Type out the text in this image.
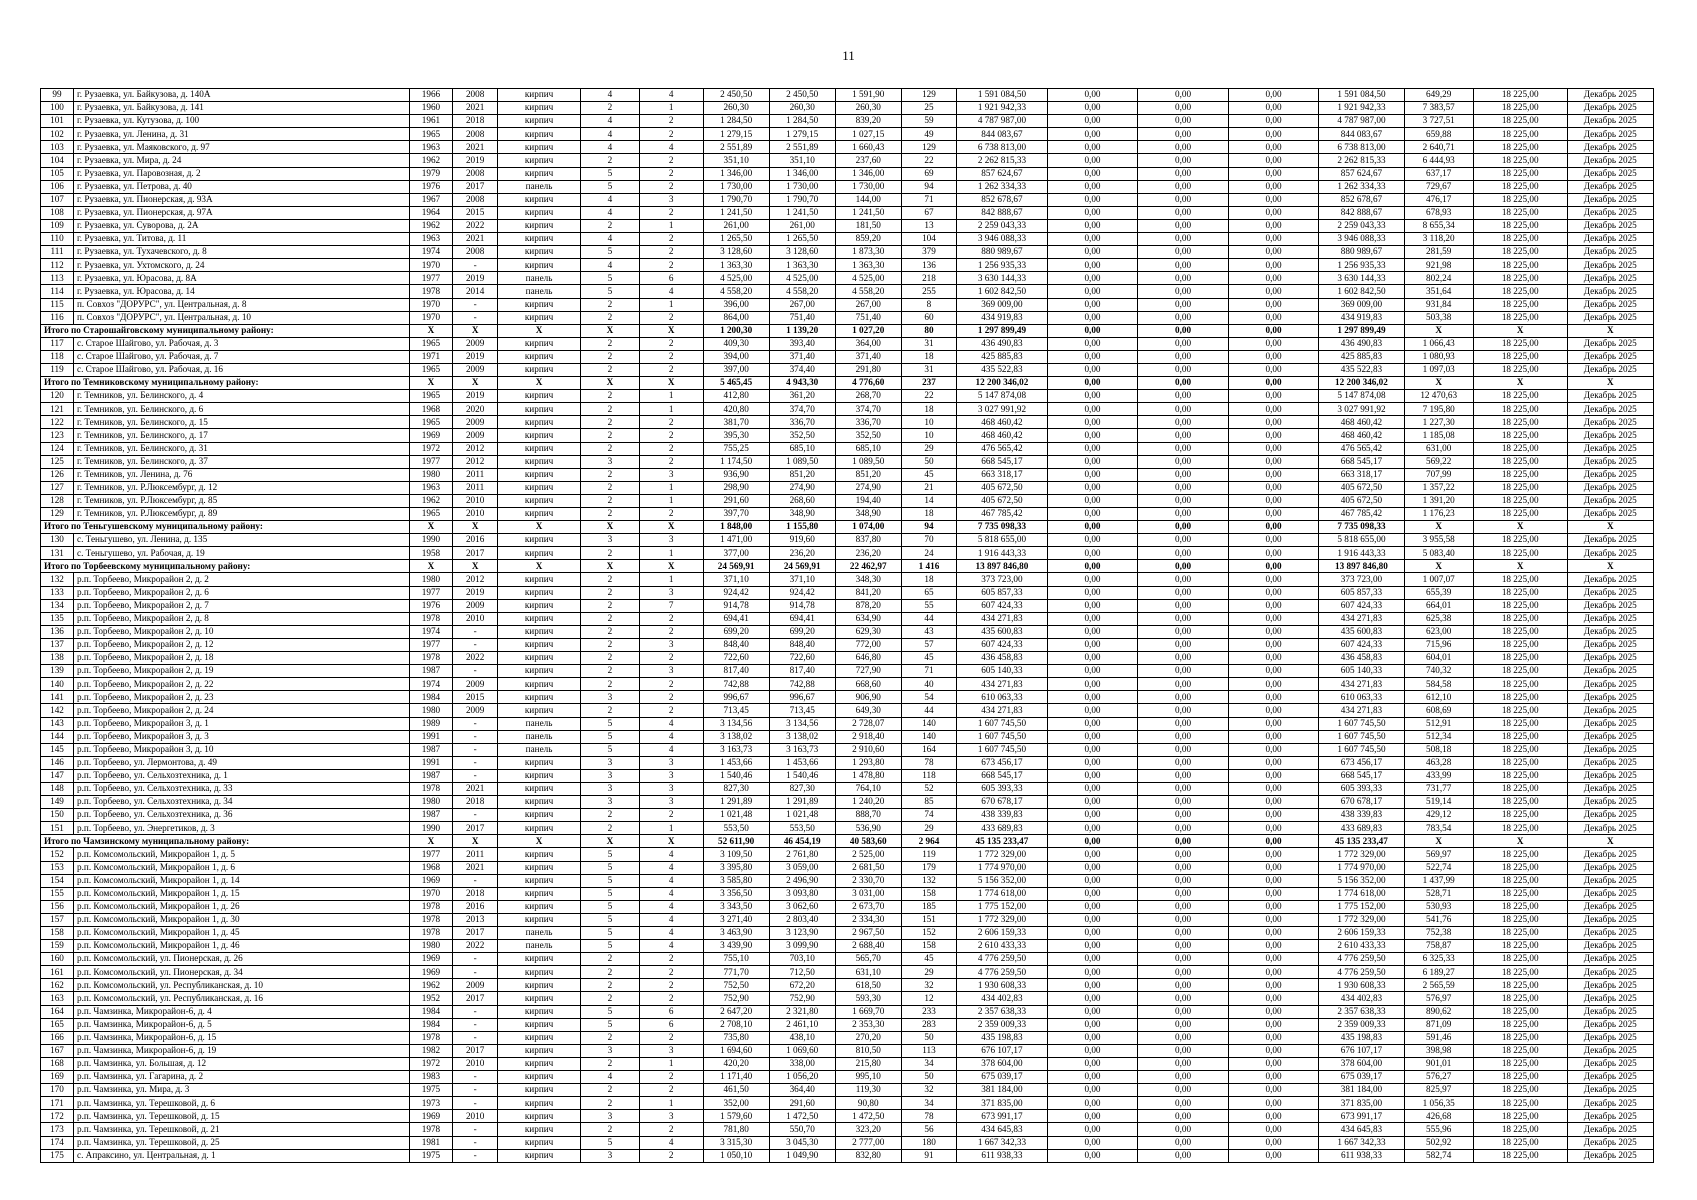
11
99	г. Рузаевка, ул. Байкузова, д. 140А	1966	2008	кирпич	4	4	2 450,50	2 450,50	1 591,90	129	1 591 084,50	0,00	0,00	0,00	1 591 084,50	649,29	18 225,00	Декабрь 2025
100	г. Рузаевка, ул. Байкузова, д. 141	1960	2021	кирпич	2	1	260,30	260,30	260,30	25	1 921 942,33	0,00	0,00	0,00	1 921 942,33	7 383,57	18 225,00	Декабрь 2025
101	г. Рузаевка, ул. Кутузова, д. 100	1961	2018	кирпич	4	2	1 284,50	1 284,50	839,20	59	4 787 987,00	0,00	0,00	0,00	4 787 987,00	3 727,51	18 225,00	Декабрь 2025
102	г. Рузаевка, ул. Ленина, д. 31	1965	2008	кирпич	4	2	1 279,15	1 279,15	1 027,15	49	844 083,67	0,00	0,00	0,00	844 083,67	659,88	18 225,00	Декабрь 2025
103	г. Рузаевка, ул. Маяковского, д. 97	1963	2021	кирпич	4	4	2 551,89	2 551,89	1 660,43	129	6 738 813,00	0,00	0,00	0,00	6 738 813,00	2 640,71	18 225,00	Декабрь 2025
104	г. Рузаевка, ул. Мира, д. 24	1962	2019	кирпич	2	2	351,10	351,10	237,60	22	2 262 815,33	0,00	0,00	0,00	2 262 815,33	6 444,93	18 225,00	Декабрь 2025
105	г. Рузаевка, ул. Паровозная, д. 2	1979	2008	кирпич	5	2	1 346,00	1 346,00	1 346,00	69	857 624,67	0,00	0,00	0,00	857 624,67	637,17	18 225,00	Декабрь 2025
106	г. Рузаевка, ул. Петрова, д. 40	1976	2017	панель	5	2	1 730,00	1 730,00	1 730,00	94	1 262 334,33	0,00	0,00	0,00	1 262 334,33	729,67	18 225,00	Декабрь 2025
107	г. Рузаевка, ул. Пионерская, д. 93А	1967	2008	кирпич	4	3	1 790,70	1 790,70	144,00	71	852 678,67	0,00	0,00	0,00	852 678,67	476,17	18 225,00	Декабрь 2025
108	г. Рузаевка, ул. Пионерская, д. 97А	1964	2015	кирпич	4	2	1 241,50	1 241,50	1 241,50	67	842 888,67	0,00	0,00	0,00	842 888,67	678,93	18 225,00	Декабрь 2025
109	г. Рузаевка, ул. Суворова, д. 2А	1962	2022	кирпич	2	1	261,00	261,00	181,50	13	2 259 043,33	0,00	0,00	0,00	2 259 043,33	8 655,34	18 225,00	Декабрь 2025
110	г. Рузаевка, ул. Титова, д. 11	1963	2021	кирпич	4	2	1 265,50	1 265,50	859,20	104	3 946 088,33	0,00	0,00	0,00	3 946 088,33	3 118,20	18 225,00	Декабрь 2025
111	г. Рузаевка, ул. Тухачевского, д. 8	1974	2008	кирпич	5	2	3 128,60	3 128,60	1 873,30	379	880 989,67	0,00	0,00	0,00	880 989,67	281,59	18 225,00	Декабрь 2025
112	г. Рузаевка, ул. Ухтомского, д. 24	1970	-	кирпич	4	2	1 363,30	1 363,30	1 363,30	136	1 256 935,33	0,00	0,00	0,00	1 256 935,33	921,98	18 225,00	Декабрь 2025
113	г. Рузаевка, ул. Юрасова, д. 8А	1977	2019	панель	5	6	4 525,00	4 525,00	4 525,00	218	3 630 144,33	0,00	0,00	0,00	3 630 144,33	802,24	18 225,00	Декабрь 2025
114	г. Рузаевка, ул. Юрасова, д. 14	1978	2014	панель	5	4	4 558,20	4 558,20	4 558,20	255	1 602 842,50	0,00	0,00	0,00	1 602 842,50	351,64	18 225,00	Декабрь 2025
115	п. Совхоз "ДОРУРС", ул. Центральная, д. 8	1970	-	кирпич	2	1	396,00	267,00	267,00	8	369 009,00	0,00	0,00	0,00	369 009,00	931,84	18 225,00	Декабрь 2025
116	п. Совхоз "ДОРУРС", ул. Центральная, д. 10	1970	-	кирпич	2	2	864,00	751,40	751,40	60	434 919,83	0,00	0,00	0,00	434 919,83	503,38	18 225,00	Декабрь 2025
Итого по Старошайговскому муниципальному району:		X	X	X	X	X	1 200,30	1 139,20	1 027,20	80	1 297 899,49	0,00	0,00	0,00	1 297 899,49	X	X	X
117	с. Старое Шайгово, ул. Рабочая, д. 3	1965	2009	кирпич	2	2	409,30	393,40	364,00	31	436 490,83	0,00	0,00	0,00	436 490,83	1 066,43	18 225,00	Декабрь 2025
118	с. Старое Шайгово, ул. Рабочая, д. 7	1971	2019	кирпич	2	2	394,00	371,40	371,40	18	425 885,83	0,00	0,00	0,00	425 885,83	1 080,93	18 225,00	Декабрь 2025
119	с. Старое Шайгово, ул. Рабочая, д. 16	1965	2009	кирпич	2	2	397,00	374,40	291,80	31	435 522,83	0,00	0,00	0,00	435 522,83	1 097,03	18 225,00	Декабрь 2025
Итого по Темниковскому муниципальному району:		X	X	X	X	X	5 465,45	4 943,30	4 776,60	237	12 200 346,02	0,00	0,00	0,00	12 200 346,02	X	X	X
120	г. Темников, ул. Белинского, д. 4	1965	2019	кирпич	2	1	412,80	361,20	268,70	22	5 147 874,08	0,00	0,00	0,00	5 147 874,08	12 470,63	18 225,00	Декабрь 2025
121	г. Темников, ул. Белинского, д. 6	1968	2020	кирпич	2	1	420,80	374,70	374,70	18	3 027 991,92	0,00	0,00	0,00	3 027 991,92	7 195,80	18 225,00	Декабрь 2025
122	г. Темников, ул. Белинского, д. 15	1965	2009	кирпич	2	2	381,70	336,70	336,70	10	468 460,42	0,00	0,00	0,00	468 460,42	1 227,30	18 225,00	Декабрь 2025
123	г. Темников, ул. Белинского, д. 17	1969	2009	кирпич	2	2	395,30	352,50	352,50	10	468 460,42	0,00	0,00	0,00	468 460,42	1 185,08	18 225,00	Декабрь 2025
124	г. Темников, ул. Белинского, д. 31	1972	2012	кирпич	2	2	755,25	685,10	685,10	29	476 565,42	0,00	0,00	0,00	476 565,42	631,00	18 225,00	Декабрь 2025
125	г. Темников, ул. Белинского, д. 37	1977	2012	кирпич	3	2	1 174,50	1 089,50	1 089,50	50	668 545,17	0,00	0,00	0,00	668 545,17	569,22	18 225,00	Декабрь 2025
126	г. Темников, ул. Ленина, д. 76	1980	2011	кирпич	2	3	936,90	851,20	851,20	45	663 318,17	0,00	0,00	0,00	663 318,17	707,99	18 225,00	Декабрь 2025
127	г. Темников, ул. Р.Люксембург, д. 12	1963	2011	кирпич	2	1	298,90	274,90	274,90	21	405 672,50	0,00	0,00	0,00	405 672,50	1 357,22	18 225,00	Декабрь 2025
128	г. Темников, ул. Р.Люксембург, д. 85	1962	2010	кирпич	2	1	291,60	268,60	194,40	14	405 672,50	0,00	0,00	0,00	405 672,50	1 391,20	18 225,00	Декабрь 2025
129	г. Темников, ул. Р.Люксембург, д. 89	1965	2010	кирпич	2	2	397,70	348,90	348,90	18	467 785,42	0,00	0,00	0,00	467 785,42	1 176,23	18 225,00	Декабрь 2025
Итого по Теньгушевскому муниципальному району:		X	X	X	X	X	1 848,00	1 155,80	1 074,00	94	7 735 098,33	0,00	0,00	0,00	7 735 098,33	X	X	X
130	с. Теньгушево, ул. Ленина, д. 135	1990	2016	кирпич	3	3	1 471,00	919,60	837,80	70	5 818 655,00	0,00	0,00	0,00	5 818 655,00	3 955,58	18 225,00	Декабрь 2025
131	с. Теньгушево, ул. Рабочая, д. 19	1958	2017	кирпич	2	1	377,00	236,20	236,20	24	1 916 443,33	0,00	0,00	0,00	1 916 443,33	5 083,40	18 225,00	Декабрь 2025
Итого по Торбеевскому муниципальному району:		X	X	X	X	X	24 569,91	24 569,91	22 462,97	1 416	13 897 846,80	0,00	0,00	0,00	13 897 846,80	X	X	X
132	р.п. Торбеево, Микрорайон 2, д. 2	1980	2012	кирпич	2	1	371,10	371,10	348,30	18	373 723,00	0,00	0,00	0,00	373 723,00	1 007,07	18 225,00	Декабрь 2025
133	р.п. Торбеево, Микрорайон 2, д. 6	1977	2019	кирпич	2	3	924,42	924,42	841,20	65	605 857,33	0,00	0,00	0,00	605 857,33	655,39	18 225,00	Декабрь 2025
134	р.п. Торбеево, Микрорайон 2, д. 7	1976	2009	кирпич	2	7	914,78	914,78	878,20	55	607 424,33	0,00	0,00	0,00	607 424,33	664,01	18 225,00	Декабрь 2025
135	р.п. Торбеево, Микрорайон 2, д. 8	1978	2010	кирпич	2	2	694,41	694,41	634,90	44	434 271,83	0,00	0,00	0,00	434 271,83	625,38	18 225,00	Декабрь 2025
136	р.п. Торбеево, Микрорайон 2, д. 10	1974	-	кирпич	2	2	699,20	699,20	629,30	43	435 600,83	0,00	0,00	0,00	435 600,83	623,00	18 225,00	Декабрь 2025
137	р.п. Торбеево, Микрорайон 2, д. 12	1977	-	кирпич	2	3	848,40	848,40	772,00	57	607 424,33	0,00	0,00	0,00	607 424,33	715,96	18 225,00	Декабрь 2025
138	р.п. Торбеево, Микрорайон 2, д. 18	1978	2022	кирпич	2	2	722,60	722,60	646,80	45	436 458,83	0,00	0,00	0,00	436 458,83	604,01	18 225,00	Декабрь 2025
139	р.п. Торбеево, Микрорайон 2, д. 19	1987	-	кирпич	2	3	817,40	817,40	727,90	71	605 140,33	0,00	0,00	0,00	605 140,33	740,32	18 225,00	Декабрь 2025
140	р.п. Торбеево, Микрорайон 2, д. 22	1974	2009	кирпич	2	2	742,88	742,88	668,60	40	434 271,83	0,00	0,00	0,00	434 271,83	584,58	18 225,00	Декабрь 2025
141	р.п. Торбеево, Микрорайон 2, д. 23	1984	2015	кирпич	3	2	996,67	996,67	906,90	54	610 063,33	0,00	0,00	0,00	610 063,33	612,10	18 225,00	Декабрь 2025
142	р.п. Торбеево, Микрорайон 2, д. 24	1980	2009	кирпич	2	2	713,45	713,45	649,30	44	434 271,83	0,00	0,00	0,00	434 271,83	608,69	18 225,00	Декабрь 2025
143	р.п. Торбеево, Микрорайон 3, д. 1	1989	-	панель	5	4	3 134,56	3 134,56	2 728,07	140	1 607 745,50	0,00	0,00	0,00	1 607 745,50	512,91	18 225,00	Декабрь 2025
144	р.п. Торбеево, Микрорайон 3, д. 3	1991	-	панель	5	4	3 138,02	3 138,02	2 918,40	140	1 607 745,50	0,00	0,00	0,00	1 607 745,50	512,34	18 225,00	Декабрь 2025
145	р.п. Торбеево, Микрорайон 3, д. 10	1987	-	панель	5	4	3 163,73	3 163,73	2 910,60	164	1 607 745,50	0,00	0,00	0,00	1 607 745,50	508,18	18 225,00	Декабрь 2025
146	р.п. Торбеево, ул. Лермонтова, д. 49	1991	-	кирпич	3	3	1 453,66	1 453,66	1 293,80	78	673 456,17	0,00	0,00	0,00	673 456,17	463,28	18 225,00	Декабрь 2025
147	р.п. Торбеево, ул. Сельхозтехника, д. 1	1987	-	кирпич	3	3	1 540,46	1 540,46	1 478,80	118	668 545,17	0,00	0,00	0,00	668 545,17	433,99	18 225,00	Декабрь 2025
148	р.п. Торбеево, ул. Сельхозтехника, д. 33	1978	2021	кирпич	3	3	827,30	827,30	764,10	52	605 393,33	0,00	0,00	0,00	605 393,33	731,77	18 225,00	Декабрь 2025
149	р.п. Торбеево, ул. Сельхозтехника, д. 34	1980	2018	кирпич	3	3	1 291,89	1 291,89	1 240,20	85	670 678,17	0,00	0,00	0,00	670 678,17	519,14	18 225,00	Декабрь 2025
150	р.п. Торбеево, ул. Сельхозтехника, д. 36	1987	-	кирпич	2	2	1 021,48	1 021,48	888,70	74	438 339,83	0,00	0,00	0,00	438 339,83	429,12	18 225,00	Декабрь 2025
151	р.п. Торбеево, ул. Энергетиков, д. 3	1990	2017	кирпич	2	1	553,50	553,50	536,90	29	433 689,83	0,00	0,00	0,00	433 689,83	783,54	18 225,00	Декабрь 2025
Итого по Чамзинскому муниципальному району:		X	X	X	X	X	52 611,90	46 454,19	40 583,60	2 964	45 135 233,47	0,00	0,00	0,00	45 135 233,47	X	X	X
152	р.п. Комсомольский, Микрорайон 1, д. 5	1977	2011	кирпич	5	4	3 109,50	2 761,80	2 525,00	119	1 772 329,00	0,00	0,00	0,00	1 772 329,00	569,97	18 225,00	Декабрь 2025
153	р.п. Комсомольский, Микрорайон 1, д. 6	1968	2021	кирпич	5	4	3 395,80	3 059,00	2 681,50	179	1 774 970,00	0,00	0,00	0,00	1 774 970,00	522,74	18 225,00	Декабрь 2025
154	р.п. Комсомольский, Микрорайон 1, д. 14	1969	-	кирпич	5	4	3 585,80	2 496,90	2 330,70	132	5 156 352,00	0,00	0,00	0,00	5 156 352,00	1 437,99	18 225,00	Декабрь 2025
155	р.п. Комсомольский, Микрорайон 1, д. 15	1970	2018	кирпич	5	4	3 356,50	3 093,80	3 031,00	158	1 774 618,00	0,00	0,00	0,00	1 774 618,00	528,71	18 225,00	Декабрь 2025
156	р.п. Комсомольский, Микрорайон 1, д. 26	1978	2016	кирпич	5	4	3 343,50	3 062,60	2 673,70	185	1 775 152,00	0,00	0,00	0,00	1 775 152,00	530,93	18 225,00	Декабрь 2025
157	р.п. Комсомольский, Микрорайон 1, д. 30	1978	2013	кирпич	5	4	3 271,40	2 803,40	2 334,30	151	1 772 329,00	0,00	0,00	0,00	1 772 329,00	541,76	18 225,00	Декабрь 2025
158	р.п. Комсомольский, Микрорайон 1, д. 45	1978	2017	панель	5	4	3 463,90	3 123,90	2 967,50	152	2 606 159,33	0,00	0,00	0,00	2 606 159,33	752,38	18 225,00	Декабрь 2025
159	р.п. Комсомольский, Микрорайон 1, д. 46	1980	2022	панель	5	4	3 439,90	3 099,90	2 688,40	158	2 610 433,33	0,00	0,00	0,00	2 610 433,33	758,87	18 225,00	Декабрь 2025
160	р.п. Комсомольский, ул. Пионерская, д. 26	1969	-	кирпич	2	2	755,10	703,10	565,70	45	4 776 259,50	0,00	0,00	0,00	4 776 259,50	6 325,33	18 225,00	Декабрь 2025
161	р.п. Комсомольский, ул. Пионерская, д. 34	1969	-	кирпич	2	2	771,70	712,50	631,10	29	4 776 259,50	0,00	0,00	0,00	4 776 259,50	6 189,27	18 225,00	Декабрь 2025
162	р.п. Комсомольский, ул. Республиканская, д. 10	1962	2009	кирпич	2	2	752,50	672,20	618,50	32	1 930 608,33	0,00	0,00	0,00	1 930 608,33	2 565,59	18 225,00	Декабрь 2025
163	р.п. Комсомольский, ул. Республиканская, д. 16	1952	2017	кирпич	2	2	752,90	752,90	593,30	12	434 402,83	0,00	0,00	0,00	434 402,83	576,97	18 225,00	Декабрь 2025
164	р.п. Чамзинка, Микрорайон-6, д. 4	1984	-	кирпич	5	6	2 647,20	2 321,80	1 669,70	233	2 357 638,33	0,00	0,00	0,00	2 357 638,33	890,62	18 225,00	Декабрь 2025
165	р.п. Чамзинка, Микрорайон-6, д. 5	1984	-	кирпич	5	6	2 708,10	2 461,10	2 353,30	283	2 359 009,33	0,00	0,00	0,00	2 359 009,33	871,09	18 225,00	Декабрь 2025
166	р.п. Чамзинка, Микрорайон-6, д. 15	1978	-	кирпич	2	2	735,80	438,10	270,20	50	435 198,83	0,00	0,00	0,00	435 198,83	591,46	18 225,00	Декабрь 2025
167	р.п. Чамзинка, Микрорайон-6, д. 19	1982	2017	кирпич	3	3	1 694,60	1 069,60	810,50	113	676 107,17	0,00	0,00	0,00	676 107,17	398,98	18 225,00	Декабрь 2025
168	р.п. Чамзинка, ул. Большая, д. 12	1972	2010	кирпич	2	1	420,20	338,00	215,80	34	378 604,00	0,00	0,00	0,00	378 604,00	901,01	18 225,00	Декабрь 2025
169	р.п. Чамзинка, ул. Гагарина, д. 2	1983	-	кирпич	4	2	1 171,40	1 056,20	995,10	50	675 039,17	0,00	0,00	0,00	675 039,17	576,27	18 225,00	Декабрь 2025
170	р.п. Чамзинка, ул. Мира, д. 3	1975	-	кирпич	2	2	461,50	364,40	119,30	32	381 184,00	0,00	0,00	0,00	381 184,00	825,97	18 225,00	Декабрь 2025
171	р.п. Чамзинка, ул. Терешковой, д. 6	1973	-	кирпич	2	1	352,00	291,60	90,80	34	371 835,00	0,00	0,00	0,00	371 835,00	1 056,35	18 225,00	Декабрь 2025
172	р.п. Чамзинка, ул. Терешковой, д. 15	1969	2010	кирпич	3	3	1 579,60	1 472,50	1 472,50	78	673 991,17	0,00	0,00	0,00	673 991,17	426,68	18 225,00	Декабрь 2025
173	р.п. Чамзинка, ул. Терешковой, д. 21	1978	-	кирпич	2	2	781,80	550,70	323,20	56	434 645,83	0,00	0,00	0,00	434 645,83	555,96	18 225,00	Декабрь 2025
174	р.п. Чамзинка, ул. Терешковой, д. 25	1981	-	кирпич	5	4	3 315,30	3 045,30	2 777,00	180	1 667 342,33	0,00	0,00	0,00	1 667 342,33	502,92	18 225,00	Декабрь 2025
175	с. Апраксино, ул. Центральная, д. 1	1975	-	кирпич	3	2	1 050,10	1 049,90	832,80	91	611 938,33	0,00	0,00	0,00	611 938,33	582,74	18 225,00	Декабрь 2025
